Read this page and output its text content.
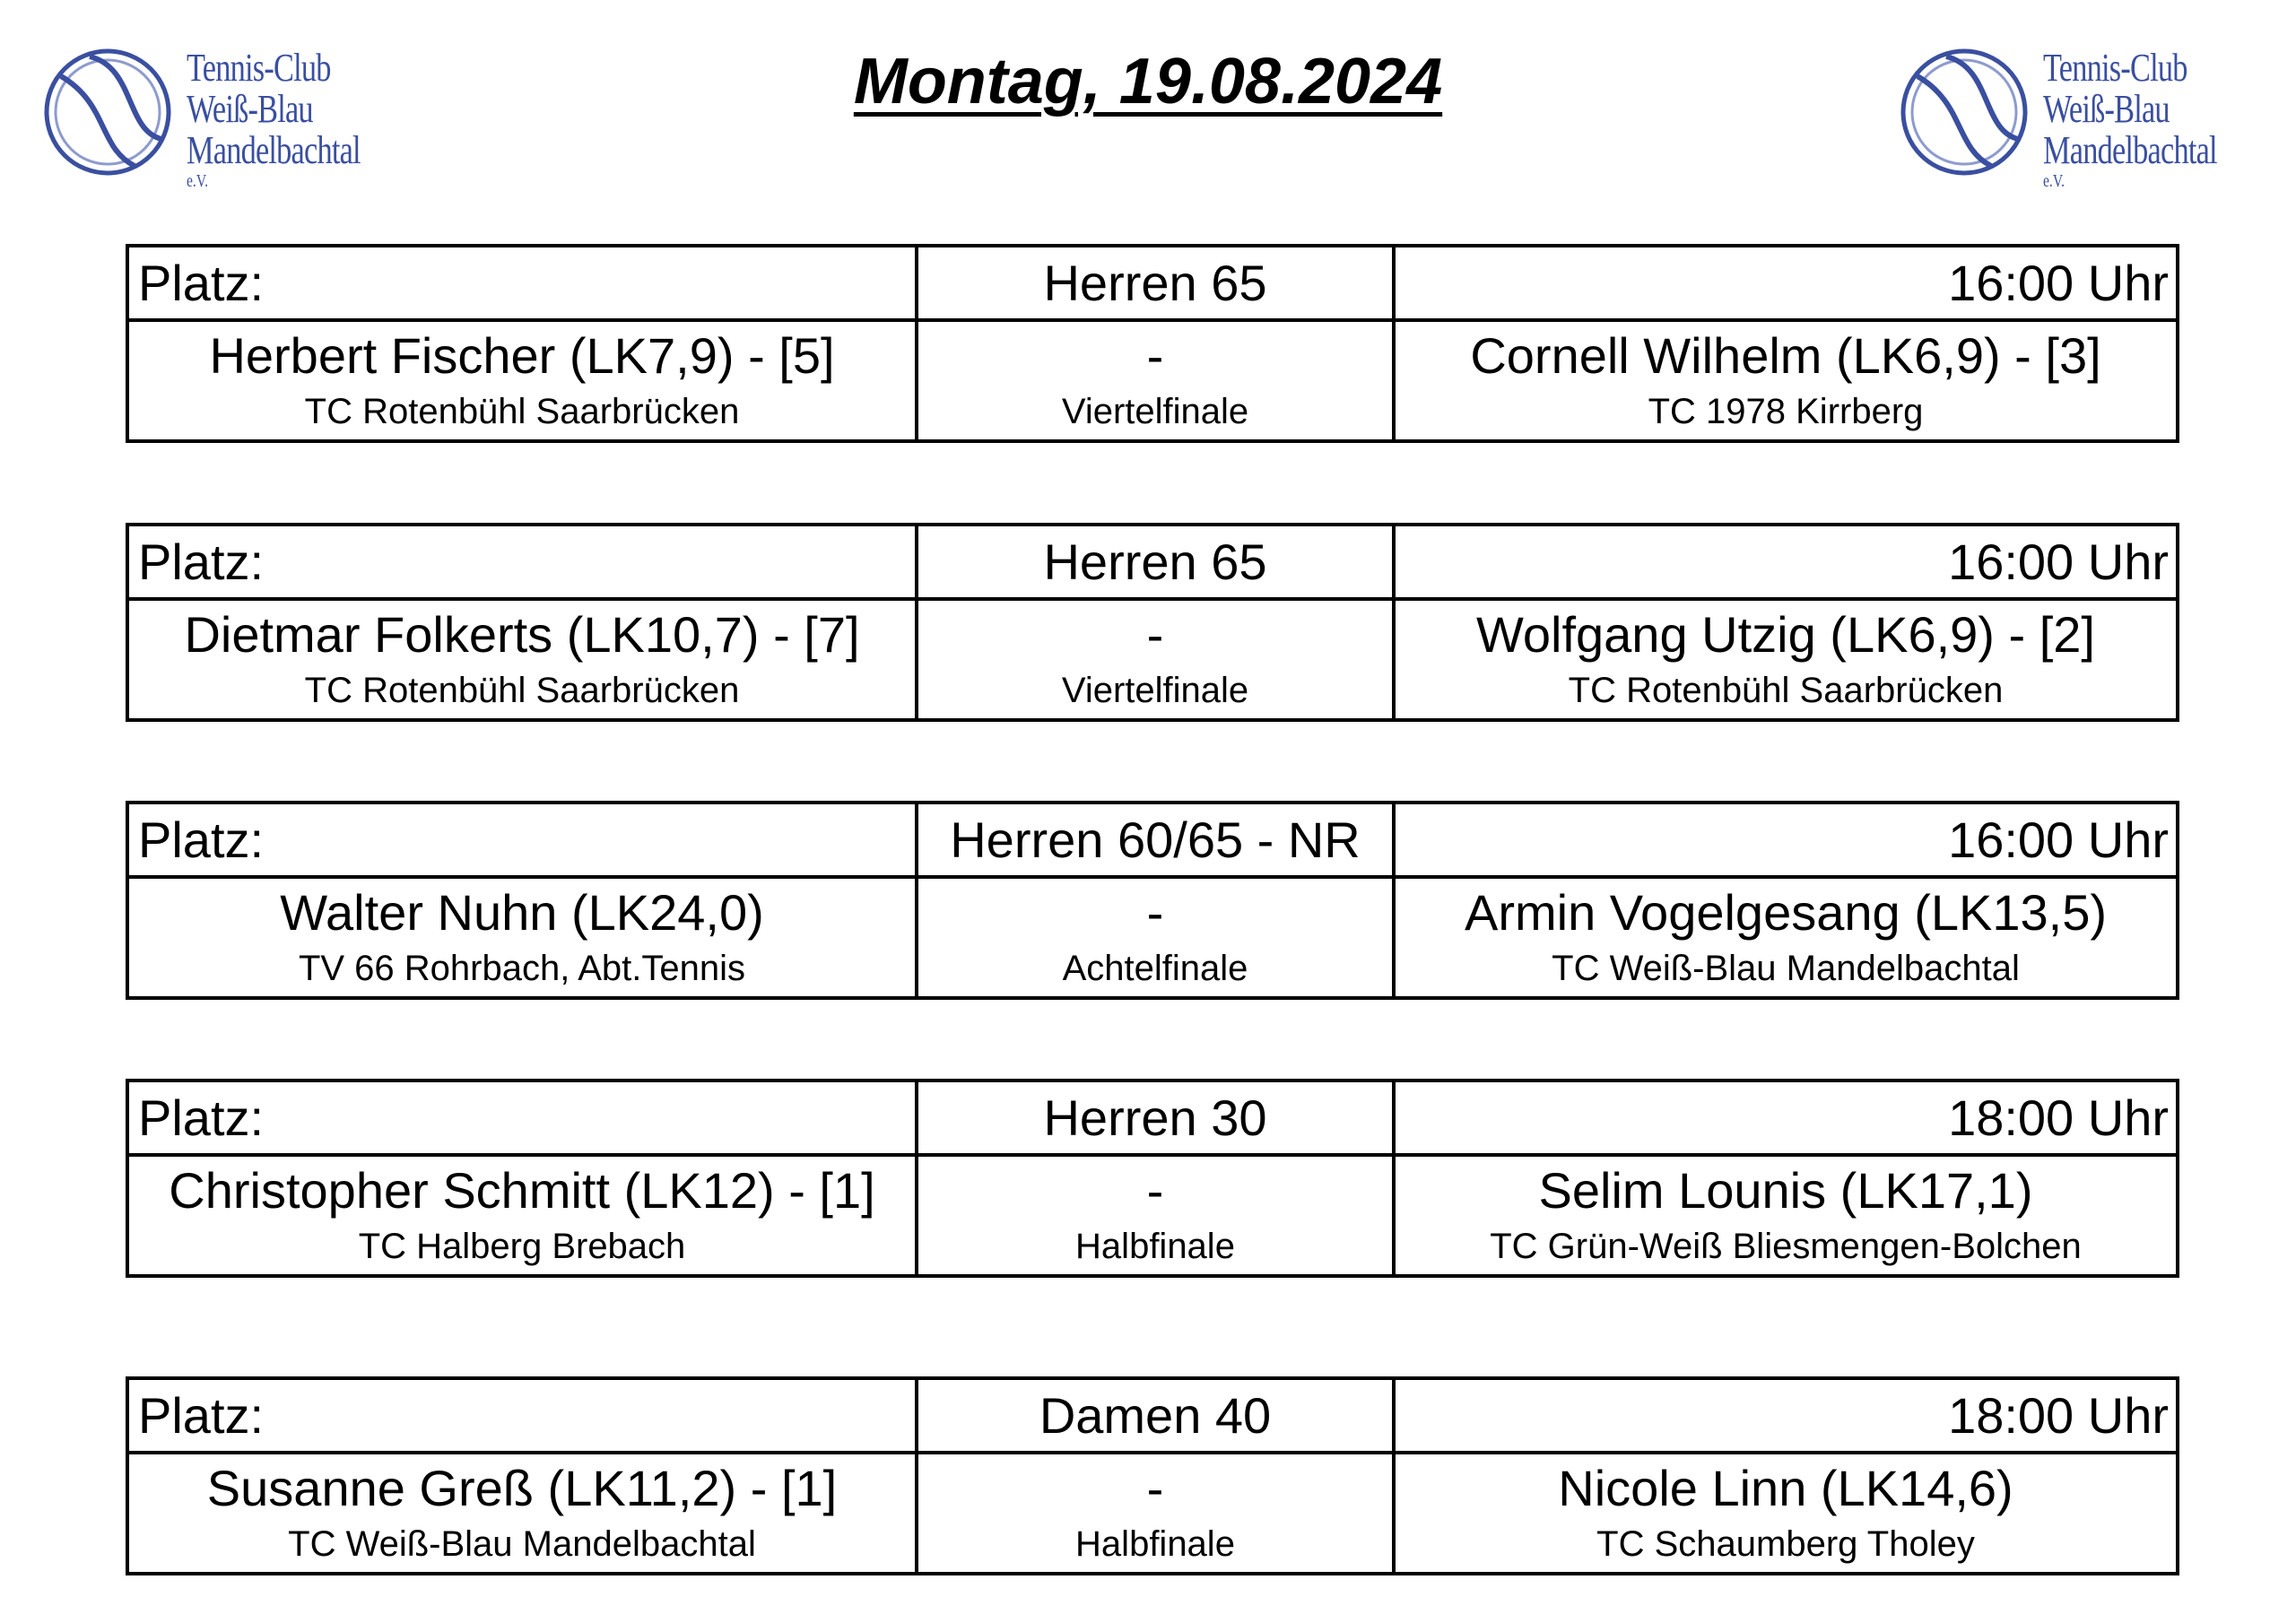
Tennis-Club
Weiß-Blau
Mandelbachtal
e.V.
Tennis-Club
Weiß-Blau
Mandelbachtal
e.V.
Montag, 19.08.2024
Platz:	Herren 65	16:00 Uhr
Herbert Fischer (LK7,9) - [5]	-	Cornell Wilhelm (LK6,9) - [3]
TC Rotenbühl Saarbrücken	Viertelfinale	TC 1978 Kirrberg
Platz:	Herren 65	16:00 Uhr
Dietmar Folkerts (LK10,7) - [7]	-	Wolfgang Utzig (LK6,9) - [2]
TC Rotenbühl Saarbrücken	Viertelfinale	TC Rotenbühl Saarbrücken
Platz:	Herren 60/65 - NR	16:00 Uhr
Walter Nuhn (LK24,0)	-	Armin Vogelgesang (LK13,5)
TV 66 Rohrbach, Abt.Tennis	Achtelfinale	TC Weiß-Blau Mandelbachtal
Platz:	Herren 30	18:00 Uhr
Christopher Schmitt (LK12) - [1]	-	Selim Lounis (LK17,1)
TC Halberg Brebach	Halbfinale	TC Grün-Weiß Bliesmengen-Bolchen
Platz:	Damen 40	18:00 Uhr
Susanne Greß (LK11,2) - [1]	-	Nicole Linn (LK14,6)
TC Weiß-Blau Mandelbachtal	Halbfinale	TC Schaumberg Tholey
